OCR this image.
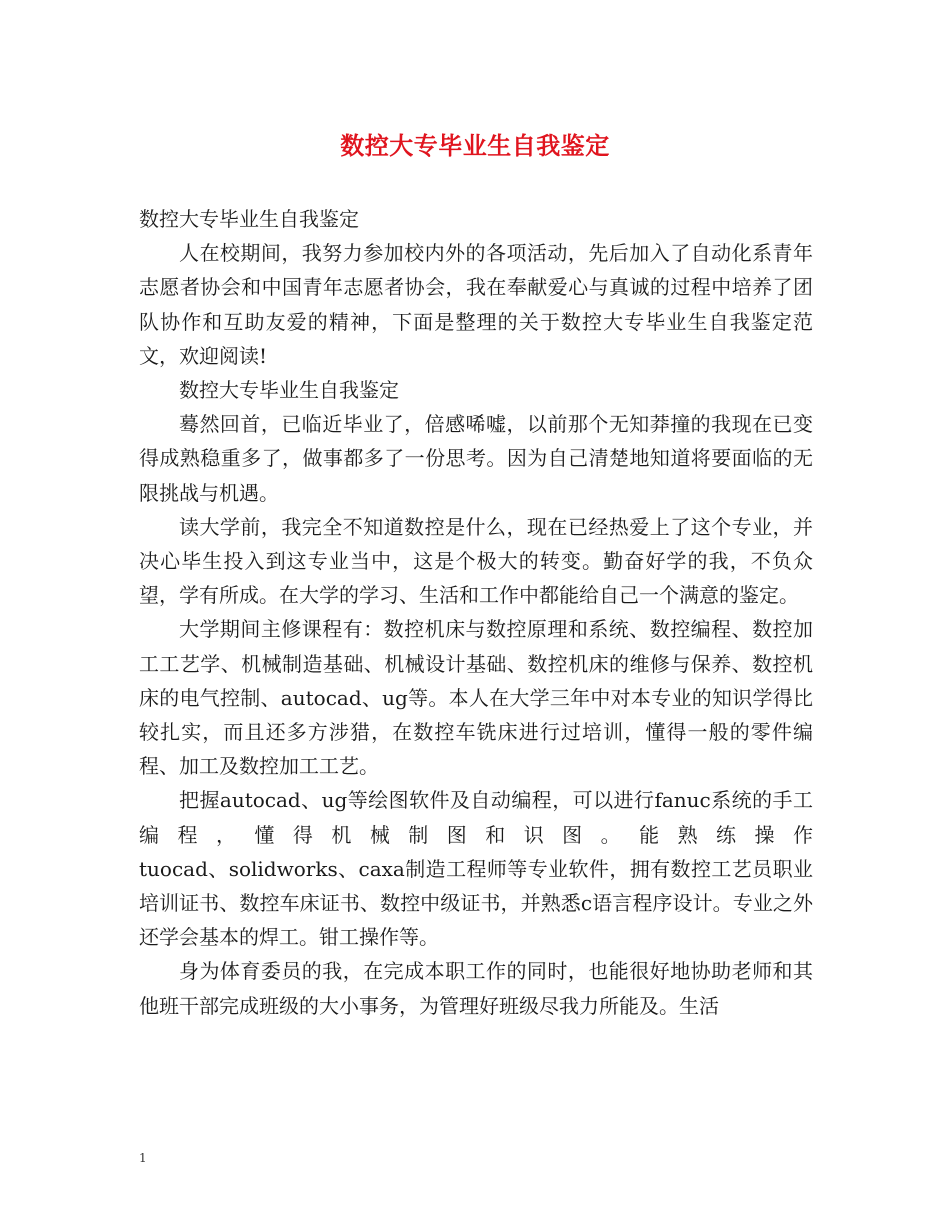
数控大专毕业生自我鉴定

数控大专毕业生自我鉴定

人在校期间，我努力参加校内外的各项活动，先后加入了自动化系青年志愿者协会和中国青年志愿者协会，我在奉献爱心与真诚的过程中培养了团队协作和互助友爱的精神，下面是整理的关于数控大专毕业生自我鉴定范文，欢迎阅读!

数控大专毕业生自我鉴定

蓦然回首，已临近毕业了，倍感唏嘘，以前那个无知莽撞的我现在已变得成熟稳重多了，做事都多了一份思考。因为自己清楚地知道将要面临的无限挑战与机遇。

读大学前，我完全不知道数控是什么，现在已经热爱上了这个专业，并决心毕生投入到这专业当中，这是个极大的转变。勤奋好学的我，不负众望，学有所成。在大学的学习、生活和工作中都能给自己一个满意的鉴定。

大学期间主修课程有：数控机床与数控原理和系统、数控编程、数控加工工艺学、机械制造基础、机械设计基础、数控机床的维修与保养、数控机床的电气控制、autocad、ug等。本人在大学三年中对本专业的知识学得比较扎实，而且还多方涉猎，在数控车铣床进行过培训，懂得一般的零件编程、加工及数控加工工艺。

把握autocad、ug等绘图软件及自动编程，可以进行fanuc系统的手工编程，懂得机械制图和识图。能熟练操作

tuocad、solidworks、caxa制造工程师等专业软件，拥有数控工艺员职业培训证书、数控车床证书、数控中级证书，并熟悉c语言程序设计。专业之外还学会基本的焊工。钳工操作等。

身为体育委员的我，在完成本职工作的同时，也能很好地协助老师和其他班干部完成班级的大小事务，为管理好班级尽我力所能及。生活

1
